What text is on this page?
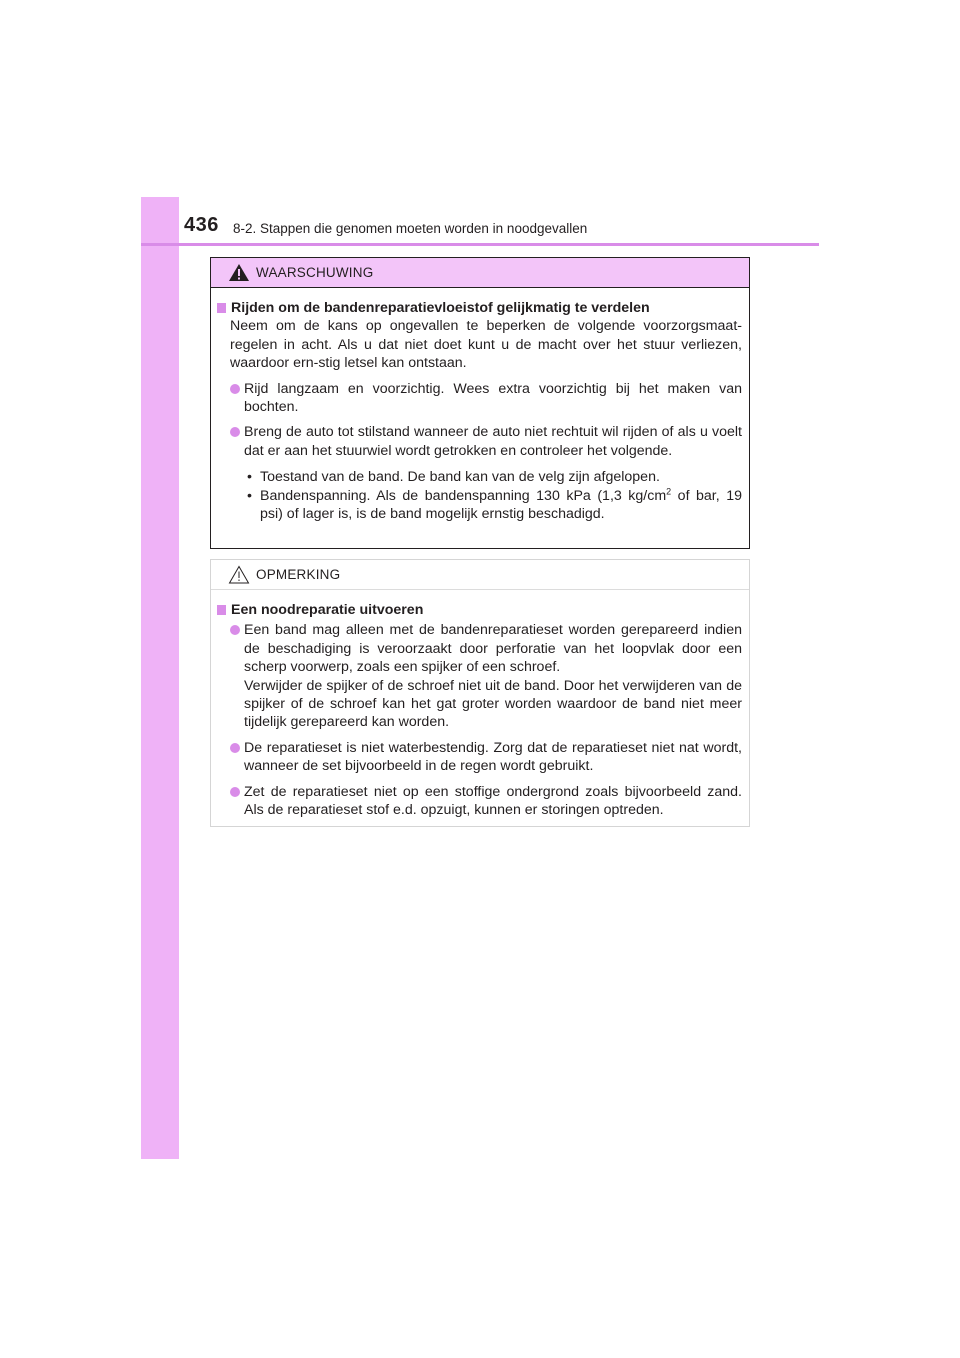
436 8-2. Stappen die genomen moeten worden in noodgevallen
WAARSCHUWING
Rijden om de bandenreparatievloeistof gelijkmatig te verdelen
Neem om de kans op ongevallen te beperken de volgende voorzorgsmaat-regelen in acht. Als u dat niet doet kunt u de macht over het stuur verliezen, waardoor ern-stig letsel kan ontstaan.
Rijd langzaam en voorzichtig. Wees extra voorzichtig bij het maken van bochten.
Breng de auto tot stilstand wanneer de auto niet rechtuit wil rijden of als u voelt dat er aan het stuurwiel wordt getrokken en controleer het volgende.
• Toestand van de band. De band kan van de velg zijn afgelopen.
• Bandenspanning. Als de bandenspanning 130 kPa (1,3 $kg/cm^2$ of bar, 19 psi) of lager is, is de band mogelijk ernstig beschadigd.
OPMERKING
Een noodreparatie uitvoeren
Een band mag alleen met de bandenreparatieset worden gerepareerd indien de beschadiging is veroorzaakt door perforatie van het loopvlak door een scherp voorwerp, zoals een spijker of een schroef.
Verwijder de spijker of de schroef niet uit de band. Door het verwijderen van de spijker of de schroef kan het gat groter worden waardoor de band niet meer tijdelijk gerepareerd kan worden.
De reparatieset is niet waterbestendig. Zorg dat de reparatieset niet nat wordt, wanneer de set bijvoorbeeld in de regen wordt gebruikt.
Zet de reparatieset niet op een stoffige ondergrond zoals bijvoorbeeld zand. Als de reparatieset stof e.d. opzuigt, kunnen er storingen optreden.
